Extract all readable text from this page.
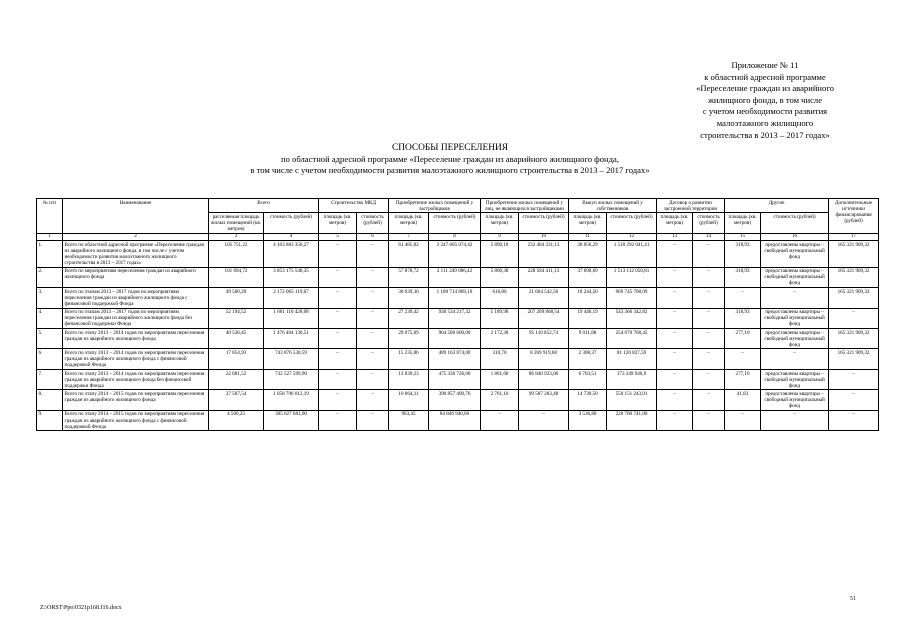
Приложение № 11
к областной адресной программе
«Переселение граждан из аварийного
жилищного фонда, в том числе
с учетом необходимости развития
малоэтажного жилищного
строительства в 2013 – 2017 годах»
СПОСОБЫ ПЕРЕСЕЛЕНИЯ
по областной адресной программе «Переселение граждан из аварийного жилищного фонда,
в том числе с учетом необходимости развития малоэтажного жилищного строительства в 2013 – 2017 годах»
№ п/п	Наименование	Всего		Строительство МКД		Приобретение жилых помещений у застройщиков		Приобретение жилых помещений у лиц, не являющихся застройщиками		Выкуп жилых помещений у собственников		Договор о развитии застроенной территории		Другие		Дополнительные источники финансирования (рублей)
		расселяемая площадь жилых помещений (кв. метров)	стоимость (рублей)	площадь (кв. метров)	стоимость (рублей)	площадь (кв. метров)	стоимость (рублей)	площадь (кв. метров)	стоимость (рублей)	площадь (кв. метров)	стоимость (рублей)	площадь (кв. метров)	стоимость (рублей)	площадь (кв. метров)	стоимость (рублей)	
1	2	3	4	5	6	7	8	9	10	11	12	13	14	15	16	17
1.	Всего по областной адресной программе «Переселение граждан из аварийного жилищного фонда, в том числе с учетом необходимости развития малоэтажного жилищного строительства в 2013 – 2017 годах»	105 751,22	4 163 683 356,27	–	–	61 485,82	2 247 665 074,42	5 890,18	232 404 331,13	38 056,29	1 518 292 041,41	–	–	318,93	предоставлены квартиры – свободный муниципальный фонд	165 321 909,32
2.	Всего по мероприятиям переселения граждан из аварийного жилищного фонда	101 694,72	3 853 175 548,35	–	–	57 878,72	2 111 249 086,42	5 806,38	228 584 411,13	37 690,69	1 513 112 050,81	–	–	318,93	предоставлены квартиры – свободный муниципальный фонд	165 321 909,32
3.	Всего по этапам 2013 – 2017 годов по мероприятиям переселения граждан из аварийного жилищного фонда с финансовой поддержкой Фонда	49 500,20	2 172 065 119,67	–	–	30 639,30	1 180 714 869,10	616,80	21 604 542,50	18 244,50	969 745 708,09	–	–	–	–	165 321 909,32
4.	Всего по этапам 2013 – 2017 годов по мероприятиям переселения граждан из аварийного жилищного фонда без финансовой поддержки Фонда	52 194,52	1 681 110 428,68	–	–	27 239,42	930 534 217,32	5 189,98	207 209 868,54	19 446,19	543 366 342,82	–	–	318,93	предоставлены квартиры – свободный муниципальный фонд	–
5.	Всего по этапу 2013 – 2014 годов по мероприятиям переселения граждан из аварийного жилищного фонда	40 536,45	1 476 404 130,51	–	–	29 075,09	964 500 600,00	2 172,38	95 110 852,74	9 011,88	254 070 768,45	–	–	277,10	предоставлены квартиры – свободный муниципальный фонд	165 321 909,32
6.	Всего по этапу 2013 – 2014 годов по мероприятиям переселения граждан из аварийного жилищного фонда с финансовой поддержкой Фонда	17 854,93	743 876 530,59	–	–	15 235,86	489 163 874,00	310,70	8 269 919,68	2 308,37	81 120 827,59	–	–	–	–	165 321 909,32
7.	Всего по этапу 2013 – 2014 годов по мероприятиям переселения граждан из аварийного жилищного фонда без финансовой поддержки Фонда	22 681,52	732 527 599,90	–	–	13 839,23	475 336 726,00	1 861,68	86 840 933,06	6 703,51	173 349 940,9	–	–	277,10	предоставлены квартиры – свободный муниципальный фонд	–
8.	Всего по этапу 2014 – 2015 годов по мероприятиям переселения граждан из аварийного жилищного фонда	27 507,54	1 058 796 012,19	–	–	10 064,11	390 857 490,76	2 761,10	99 587 283,48	14 730,50	550 151 243,01	–	–	41,83	предоставлены квартиры – свободный муниципальный фонд	–
9.	Всего по этапу 2014 – 2015 годов по мероприятиям переселения граждан из аварийного жилищного фонда с финансовой поддержкой Фонда	4 500,25	305 627 681,00	–	–	963,45	84 846 940,00	–	–	3 536,80	220 780 741,00	–	–	–	–	–
Z:\ORST\Ppo\0321p168.f16.docx
51
